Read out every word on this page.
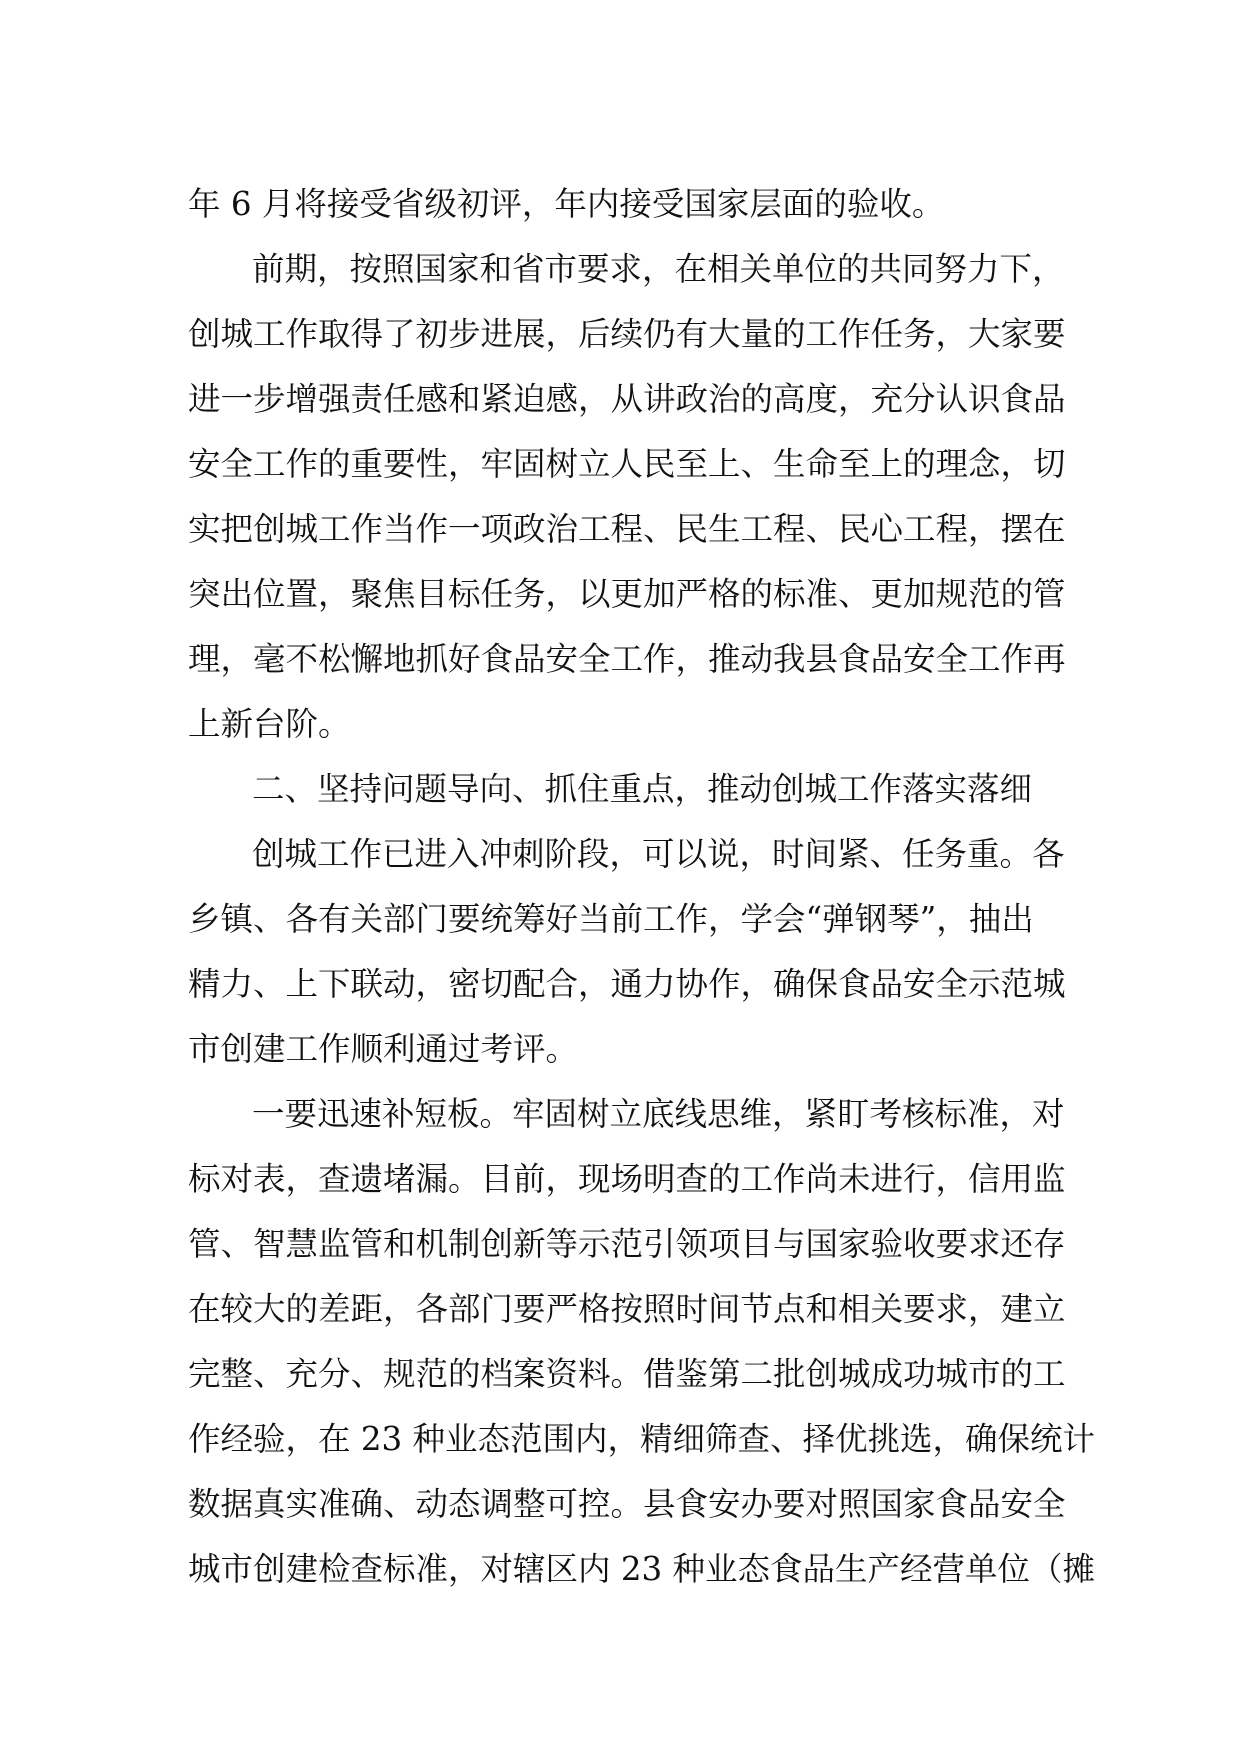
年 6 月将接受省级初评，年内接受国家层面的验收。
前期，按照国家和省市要求，在相关单位的共同努力下，
创城工作取得了初步进展，后续仍有大量的工作任务，大家要
进一步增强责任感和紧迫感，从讲政治的高度，充分认识食品
安全工作的重要性，牢固树立人民至上、生命至上的理念，切
实把创城工作当作一项政治工程、民生工程、民心工程，摆在
突出位置，聚焦目标任务，以更加严格的标准、更加规范的管
理，毫不松懈地抓好食品安全工作，推动我县食品安全工作再
上新台阶。
二、坚持问题导向、抓住重点，推动创城工作落实落细
创城工作已进入冲刺阶段，可以说，时间紧、任务重。各
乡镇、各有关部门要统筹好当前工作，学会“弹钢琴”，抽出
精力、上下联动，密切配合，通力协作，确保食品安全示范城
市创建工作顺利通过考评。
一要迅速补短板。牢固树立底线思维，紧盯考核标准，对
标对表，查遗堵漏。目前，现场明查的工作尚未进行，信用监
管、智慧监管和机制创新等示范引领项目与国家验收要求还存
在较大的差距，各部门要严格按照时间节点和相关要求，建立
完整、充分、规范的档案资料。借鉴第二批创城成功城市的工
作经验，在 23 种业态范围内，精细筛查、择优挑选，确保统计
数据真实准确、动态调整可控。县食安办要对照国家食品安全
城市创建检查标准，对辖区内 23 种业态食品生产经营单位（摊
